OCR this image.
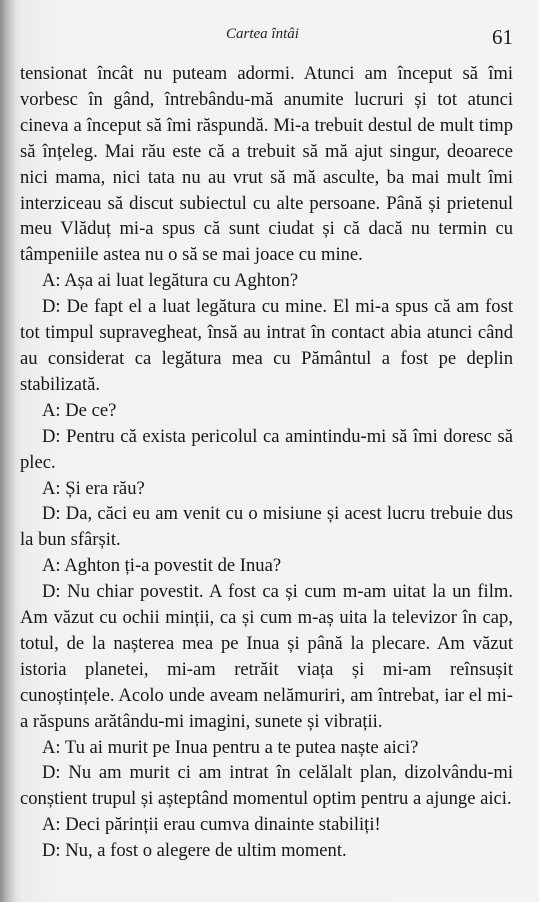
Cartea întâi	61

tensionat încât nu puteam adormi. Atunci am început să îmi vorbesc în gând, întrebându-mă anumite lucruri și tot atunci cineva a început să îmi răspundă. Mi-a trebuit destul de mult timp să înțeleg. Mai rău este că a trebuit să mă ajut singur, deoarece nici mama, nici tata nu au vrut să mă asculte, ba mai mult îmi interziceau să discut subiectul cu alte persoane. Până și prietenul meu Vlăduț mi-a spus că sunt ciudat și că dacă nu termin cu tâmpeniile astea nu o să se mai joace cu mine.

A: Așa ai luat legătura cu Aghton?

D: De fapt el a luat legătura cu mine. El mi-a spus că am fost tot timpul supravegheat, însă au intrat în contact abia atunci când au considerat ca legătura mea cu Pământul a fost pe deplin stabilizată.

A: De ce?

D: Pentru că exista pericolul ca amintindu-mi să îmi doresc să plec.

A: Și era rău?

D: Da, căci eu am venit cu o misiune și acest lucru trebuie dus la bun sfârșit.

A: Aghton ți-a povestit de Inua?

D: Nu chiar povestit. A fost ca și cum m-am uitat la un film. Am văzut cu ochii minții, ca și cum m-aș uita la televizor în cap, totul, de la nașterea mea pe Inua și până la plecare. Am văzut istoria planetei, mi-am retrăit viața și mi-am reînsușit cunoștințele. Acolo unde aveam nelămuriri, am întrebat, iar el mi-a răspuns arătându-mi imagini, sunete și vibrații.

A: Tu ai murit pe Inua pentru a te putea naște aici?

D: Nu am murit ci am intrat în celălalt plan, dizolvându-mi conștient trupul și așteptând momentul optim pentru a ajunge aici.

A: Deci părinții erau cumva dinainte stabiliți!

D: Nu, a fost o alegere de ultim moment.
